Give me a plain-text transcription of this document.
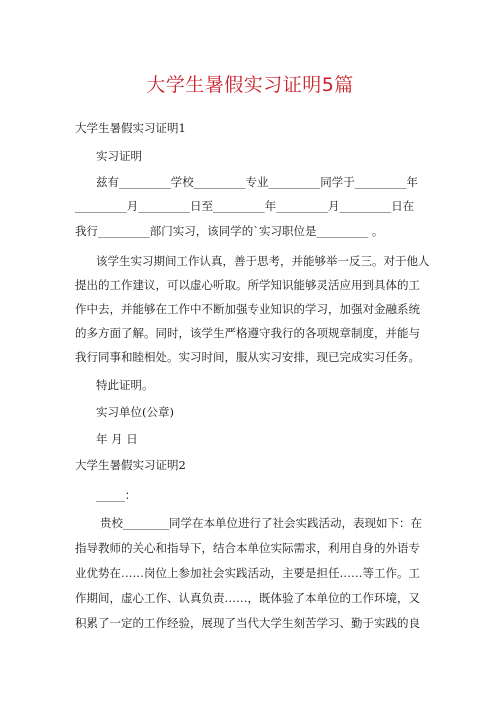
大学生暑假实习证明5篇
大学生暑假实习证明1
实习证明
兹有_________学校_________专业_________同学于_________年
_________月_________日至_________年_________月_________日在
我行_________部门实习，该同学的`实习职位是_________ 。
该学生实习期间工作认真，善于思考，并能够举一反三。对于他人
提出的工作建议，可以虚心听取。所学知识能够灵活应用到具体的工
作中去，并能够在工作中不断加强专业知识的学习，加强对金融系统
的多方面了解。同时，该学生严格遵守我行的各项规章制度，并能与
我行同事和睦相处。实习时间，服从实习安排，现已完成实习任务。
特此证明。
实习单位(公章)
年 月 日
大学生暑假实习证明2
_____：
贵校________同学在本单位进行了社会实践活动，表现如下：在
指导教师的关心和指导下，结合本单位实际需求，利用自身的外语专
业优势在……岗位上参加社会实践活动，主要是担任……等工作。工
作期间，虚心工作、认真负责……，既体验了本单位的工作环境，又
积累了一定的工作经验，展现了当代大学生刻苦学习、勤于实践的良
